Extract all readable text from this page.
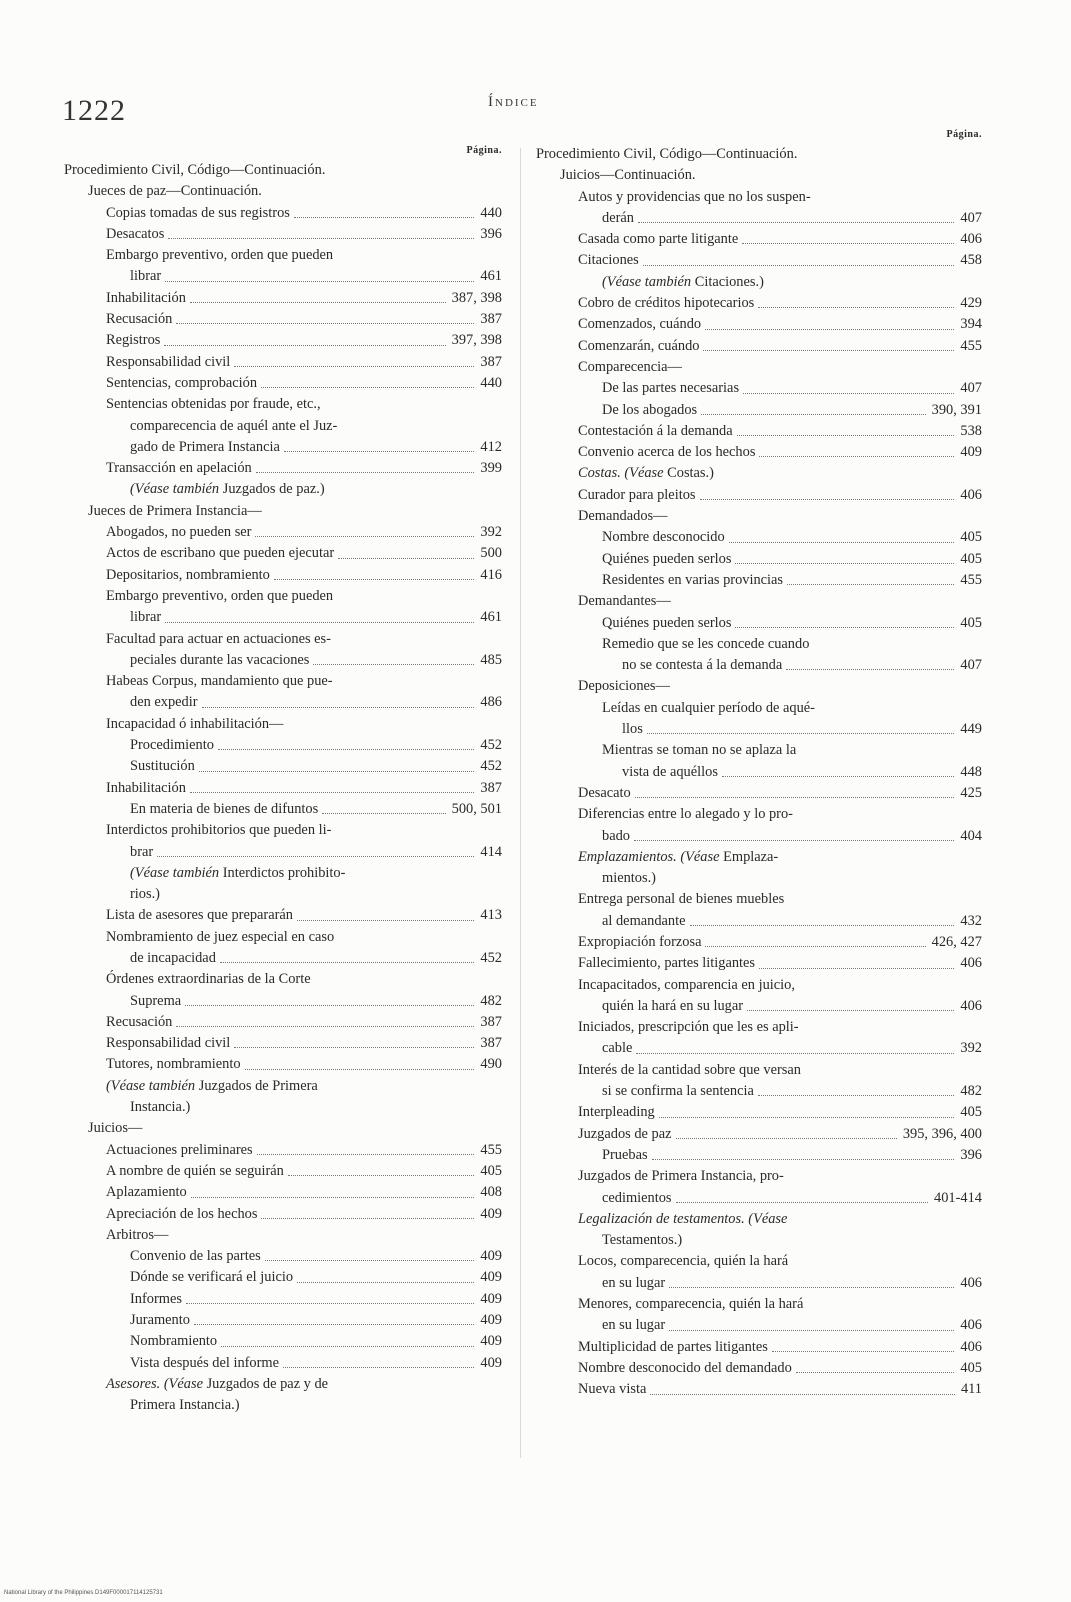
1222	Índice
Página.
Procedimiento Civil, Código—Continuación.
Jueces de paz—Continuación.
Copias tomadas de sus registros	440
Desacatos	396
Embargo preventivo, orden que pueden
librar	461
Inhabilitación	387, 398
Recusación	387
Registros	397, 398
Responsabilidad civil	387
Sentencias, comprobación	440
Sentencias obtenidas por fraude, etc.,
comparecencia de aquél ante el Juz-
gado de Primera Instancia	412
Transacción en apelación	399
(Véase también Juzgados de paz.)
Jueces de Primera Instancia—
Abogados, no pueden ser	392
Actos de escribano que pueden ejecutar	500
Depositarios, nombramiento	416
Embargo preventivo, orden que pueden
librar	461
Facultad para actuar en actuaciones es-
peciales durante las vacaciones	485
Habeas Corpus, mandamiento que pue-
den expedir	486
Incapacidad ó inhabilitación—
Procedimiento	452
Sustitución	452
Inhabilitación	387
En materia de bienes de difuntos	500, 501
Interdictos prohibitorios que pueden li-
brar	414
(Véase también Interdictos prohibito-
rios.)
Lista de asesores que prepararán	413
Nombramiento de juez especial en caso
de incapacidad	452
Órdenes extraordinarias de la Corte
Suprema	482
Recusación	387
Responsabilidad civil	387
Tutores, nombramiento	490
(Véase también Juzgados de Primera
Instancia.)
Juicios—
Actuaciones preliminares	455
A nombre de quién se seguirán	405
Aplazamiento	408
Apreciación de los hechos	409
Arbitros—
Convenio de las partes	409
Dónde se verificará el juicio	409
Informes	409
Juramento	409
Nombramiento	409
Vista después del informe	409
Asesores. (Véase Juzgados de paz y de
Primera Instancia.)
Página.
Procedimiento Civil, Código—Continuación.
Juicios—Continuación.
Autos y providencias que no los suspen-
derán	407
Casada como parte litigante	406
Citaciones	458
(Véase también Citaciones.)
Cobro de créditos hipotecarios	429
Comenzados, cuándo	394
Comenzarán, cuándo	455
Comparecencia—
De las partes necesarias	407
De los abogados	390, 391
Contestación á la demanda	538
Convenio acerca de los hechos	409
Costas. (Véase Costas.)
Curador para pleitos	406
Demandados—
Nombre desconocido	405
Quiénes pueden serlos	405
Residentes en varias provincias	455
Demandantes—
Quiénes pueden serlos	405
Remedio que se les concede cuando
no se contesta á la demanda	407
Deposiciones—
Leídas en cualquier período de aqué-
llos	449
Mientras se toman no se aplaza la
vista de aquéllos	448
Desacato	425
Diferencias entre lo alegado y lo pro-
bado	404
Emplazamientos. (Véase Emplaza-
mientos.)
Entrega personal de bienes muebles
al demandante	432
Expropiación forzosa	426, 427
Fallecimiento, partes litigantes	406
Incapacitados, comparencia en juicio,
quién la hará en su lugar	406
Iniciados, prescripción que les es apli-
cable	392
Interés de la cantidad sobre que versan
si se confirma la sentencia	482
Interpleading	405
Juzgados de paz	395, 396, 400
Pruebas	396
Juzgados de Primera Instancia, pro-
cedimientos	401-414
Legalización de testamentos. (Véase
Testamentos.)
Locos, comparecencia, quién la hará
en su lugar	406
Menores, comparecencia, quién la hará
en su lugar	406
Multiplicidad de partes litigantes	406
Nombre desconocido del demandado	405
Nueva vista	411
National Library of the Philippines D149F000017114125731
